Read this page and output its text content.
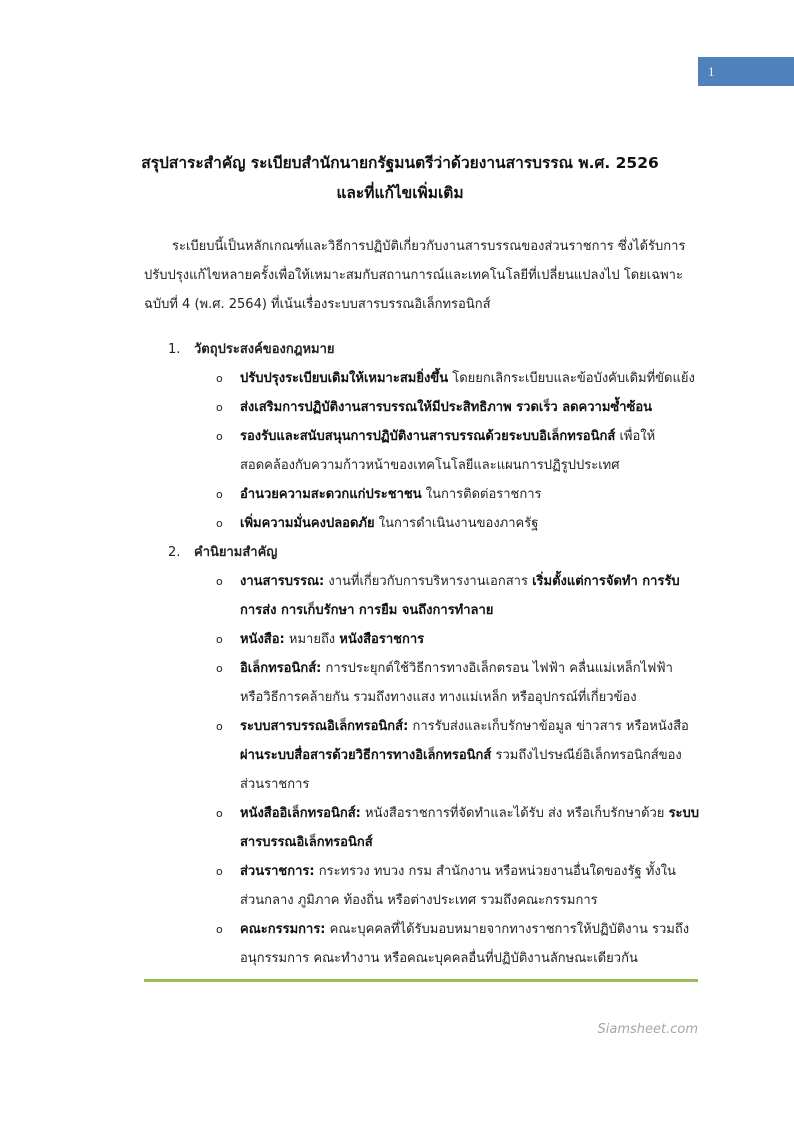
1
สรุปสาระสำคัญ ระเบียบสำนักนายกรัฐมนตรีว่าด้วยงานสารบรรณ พ.ศ. 2526 และที่แก้ไขเพิ่มเติม
ระเบียบนี้เป็นหลักเกณฑ์และวิธีการปฏิบัติเกี่ยวกับงานสารบรรณของส่วนราชการ ซึ่งได้รับการปรับปรุงแก้ไขหลายครั้งเพื่อให้เหมาะสมกับสถานการณ์และเทคโนโลยีที่เปลี่ยนแปลงไป โดยเฉพาะฉบับที่ 4 (พ.ศ. 2564) ที่เน้นเรื่องระบบสารบรรณอิเล็กทรอนิกส์
1.	วัตถุประสงค์ของกฎหมาย
o ปรับปรุงระเบียบเดิมให้เหมาะสมยิ่งขึ้น โดยยกเลิกระเบียบและข้อบังคับเดิมที่ขัดแย้ง
o ส่งเสริมการปฏิบัติงานสารบรรณให้มีประสิทธิภาพ รวดเร็ว ลดความซ้ำซ้อน
o รองรับและสนับสนุนการปฏิบัติงานสารบรรณด้วยระบบอิเล็กทรอนิกส์ เพื่อให้สอดคล้องกับความก้าวหน้าของเทคโนโลยีและแผนการปฏิรูปประเทศ
o อำนวยความสะดวกแก่ประชาชน ในการติดต่อราชการ
o เพิ่มความมั่นคงปลอดภัย ในการดำเนินงานของภาครัฐ
2.	คำนิยามสำคัญ
o งานสารบรรณ: งานที่เกี่ยวกับการบริหารงานเอกสาร เริ่มตั้งแต่การจัดทำ การรับ การส่ง การเก็บรักษา การยืม จนถึงการทำลาย
o หนังสือ: หมายถึง หนังสือราชการ
o อิเล็กทรอนิกส์: การประยุกต์ใช้วิธีการทางอิเล็กตรอน ไฟฟ้า คลื่นแม่เหล็กไฟฟ้า หรือวิธีการคล้ายกัน รวมถึงทางแสง ทางแม่เหล็ก หรืออุปกรณ์ที่เกี่ยวข้อง
o ระบบสารบรรณอิเล็กทรอนิกส์: การรับส่งและเก็บรักษาข้อมูล ข่าวสาร หรือหนังสือ ผ่านระบบสื่อสารด้วยวิธีการทางอิเล็กทรอนิกส์ รวมถึงไปรษณีย์อิเล็กทรอนิกส์ของส่วนราชการ
o หนังสืออิเล็กทรอนิกส์: หนังสือราชการที่จัดทำและได้รับ ส่ง หรือเก็บรักษาด้วย ระบบสารบรรณอิเล็กทรอนิกส์
o ส่วนราชการ: กระทรวง ทบวง กรม สำนักงาน หรือหน่วยงานอื่นใดของรัฐ ทั้งในส่วนกลาง ภูมิภาค ท้องถิ่น หรือต่างประเทศ รวมถึงคณะกรรมการ
o คณะกรรมการ: คณะบุคคลที่ได้รับมอบหมายจากทางราชการให้ปฏิบัติงาน รวมถึงอนุกรรมการ คณะทำงาน หรือคณะบุคคลอื่นที่ปฏิบัติงานลักษณะเดียวกัน
Siamsheet.com
